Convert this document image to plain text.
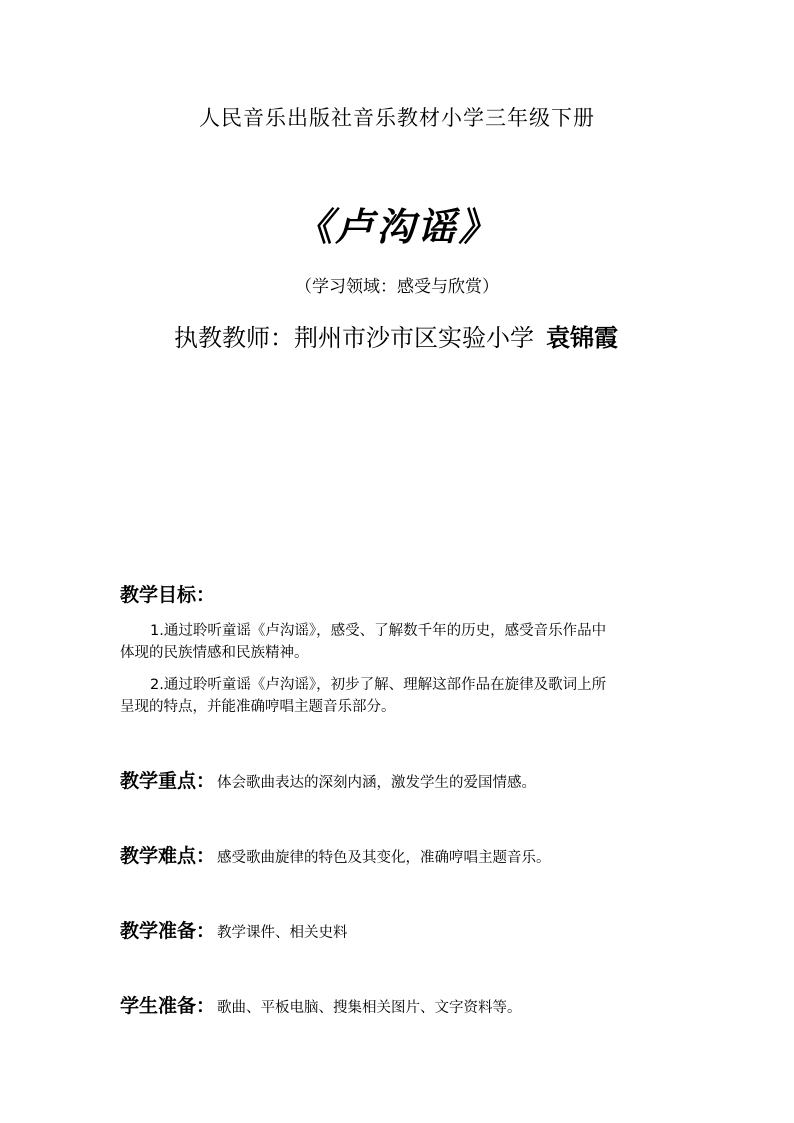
人民音乐出版社音乐教材小学三年级下册
《卢沟谣》
（学习领域：感受与欣赏）
执教教师：荆州市沙市区实验小学 袁锦霞
教学目标：
1.通过聆听童谣《卢沟谣》，感受、了解数千年的历史，感受音乐作品中
体现的民族情感和民族精神。
2.通过聆听童谣《卢沟谣》，初步了解、理解这部作品在旋律及歌词上所
呈现的特点，并能准确哼唱主题音乐部分。
教学重点： 体会歌曲表达的深刻内涵，激发学生的爱国情感。
教学难点： 感受歌曲旋律的特色及其变化，准确哼唱主题音乐。
教学准备： 教学课件、相关史料
学生准备： 歌曲、平板电脑、搜集相关图片、文字资料等。
